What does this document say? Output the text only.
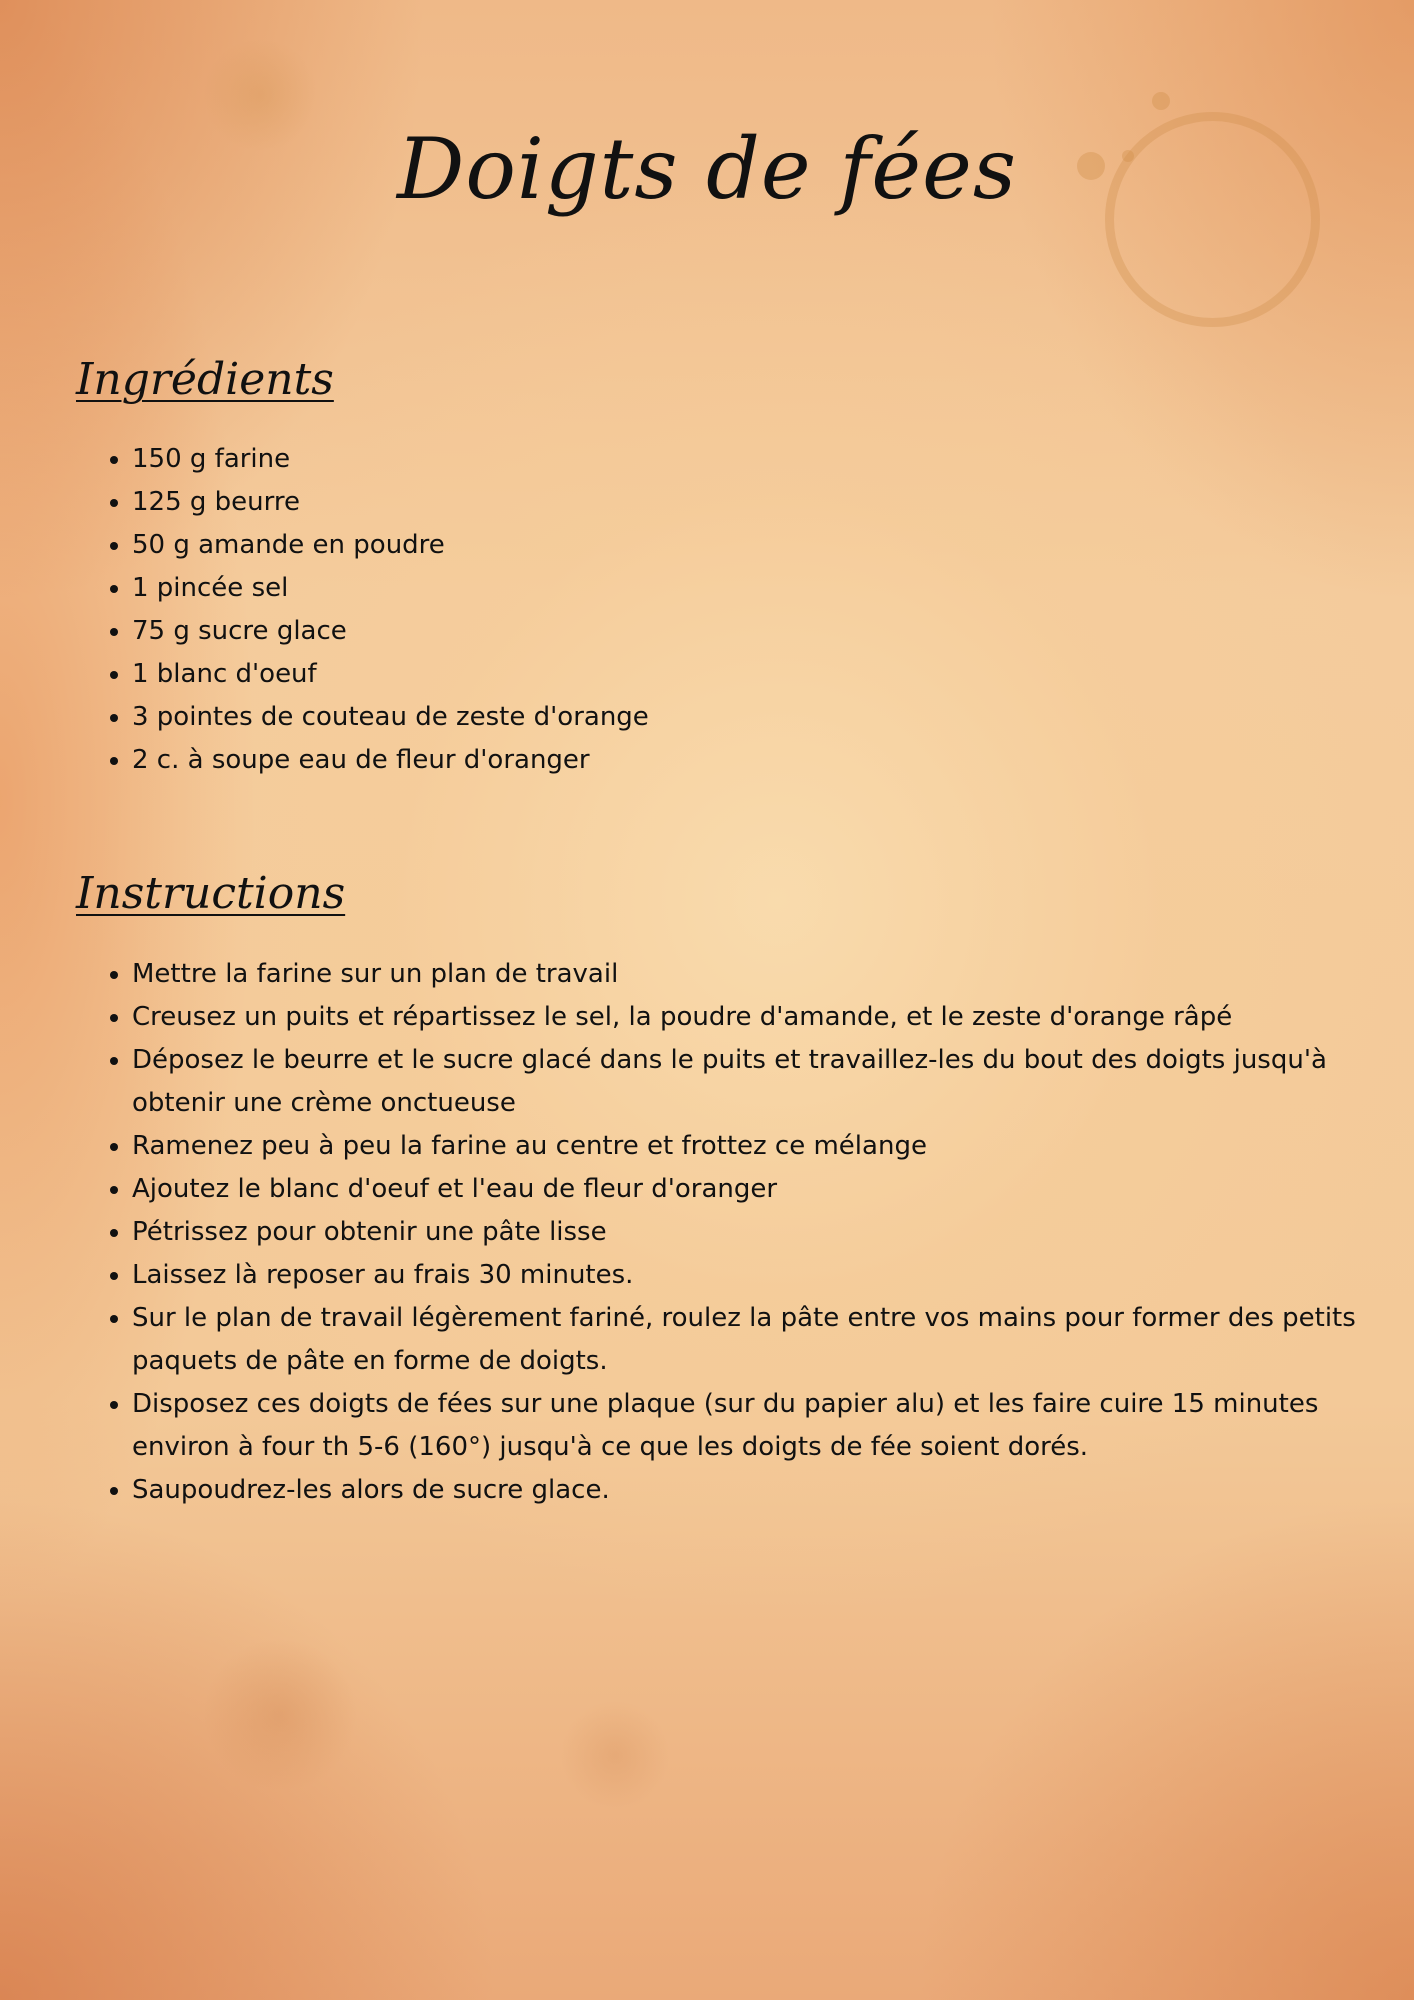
Doigts de fées
Ingrédients
• 150 g farine
• 125 g beurre
• 50 g amande en poudre
• 1 pincée sel
• 75 g sucre glace
• 1 blanc d'oeuf
• 3 pointes de couteau de zeste d'orange
• 2 c. à soupe eau de fleur d'oranger
Instructions
• Mettre la farine sur un plan de travail
• Creusez un puits et répartissez le sel, la poudre d'amande, et le zeste d'orange râpé
• Déposez le beurre et le sucre glacé dans le puits et travaillez-les du bout des doigts jusqu'à obtenir une crème onctueuse
• Ramenez peu à peu la farine au centre et frottez ce mélange
• Ajoutez le blanc d'oeuf et l'eau de fleur d'oranger
• Pétrissez pour obtenir une pâte lisse
• Laissez là reposer au frais 30 minutes.
• Sur le plan de travail légèrement fariné, roulez la pâte entre vos mains pour former des petits paquets de pâte en forme de doigts.
• Disposez ces doigts de fées sur une plaque (sur du papier alu) et les faire cuire 15 minutes environ à four th 5-6 (160°) jusqu'à ce que les doigts de fée soient dorés.
• Saupoudrez-les alors de sucre glace.
